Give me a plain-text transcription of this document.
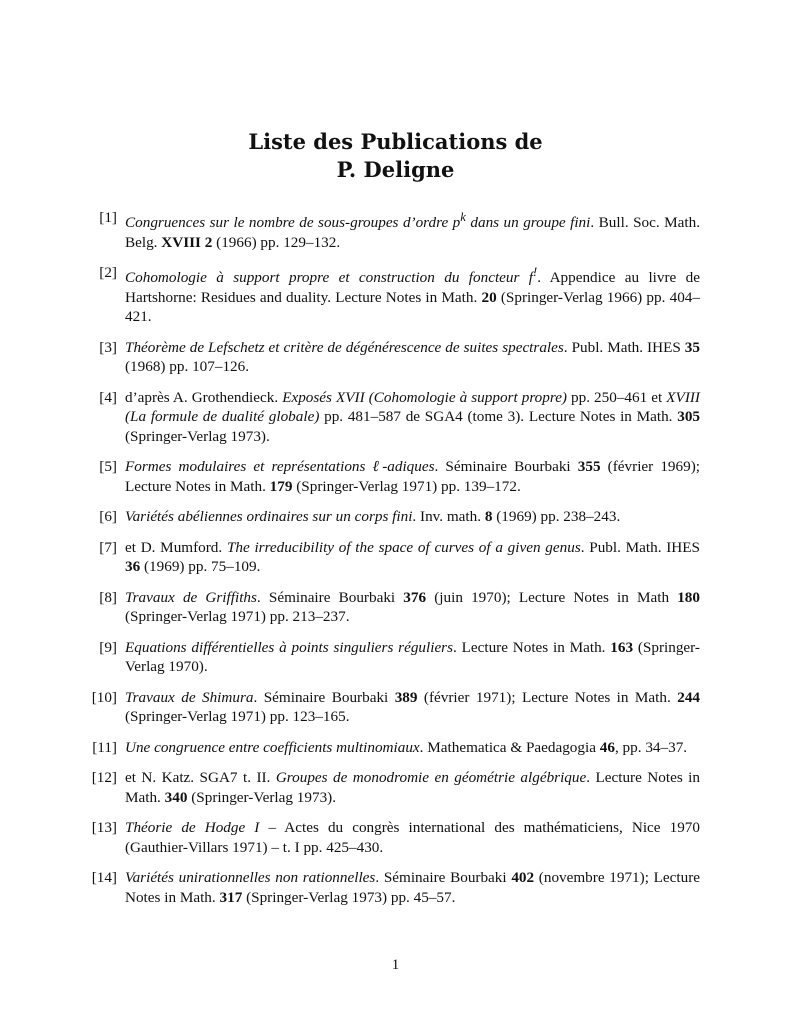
Liste des Publications de
P. Deligne
[1] Congruences sur le nombre de sous-groupes d’ordre $p^k$ dans un groupe fini. Bull. Soc. Math. Belg. XVIII 2 (1966) pp. 129–132.
[2] Cohomologie à support propre et construction du foncteur f!. Appendice au livre de Hartshorne: Residues and duality. Lecture Notes in Math. 20 (Springer-Verlag 1966) pp. 404–421.
[3] Théorème de Lefschetz et critère de dégénérescence de suites spectrales. Publ. Math. IHES 35 (1968) pp. 107–126.
[4] d’après A. Grothendieck. Exposés XVII (Cohomologie à support propre) pp. 250–461 et XVIII (La formule de dualité globale) pp. 481–587 de SGA4 (tome 3). Lecture Notes in Math. 305 (Springer-Verlag 1973).
[5] Formes modulaires et représentations ℓ-adiques. Séminaire Bourbaki 355 (février 1969); Lecture Notes in Math. 179 (Springer-Verlag 1971) pp. 139–172.
[6] Variétés abéliennes ordinaires sur un corps fini. Inv. math. 8 (1969) pp. 238–243.
[7] et D. Mumford. The irreducibility of the space of curves of a given genus. Publ. Math. IHES 36 (1969) pp. 75–109.
[8] Travaux de Griffiths. Séminaire Bourbaki 376 (juin 1970); Lecture Notes in Math 180 (Springer-Verlag 1971) pp. 213–237.
[9] Equations différentielles à points singuliers réguliers. Lecture Notes in Math. 163 (Springer-Verlag 1970).
[10] Travaux de Shimura. Séminaire Bourbaki 389 (février 1971); Lecture Notes in Math. 244 (Springer-Verlag 1971) pp. 123–165.
[11] Une congruence entre coefficients multinomiaux. Mathematica & Paedagogia 46, pp. 34–37.
[12] et N. Katz. SGA7 t. II. Groupes de monodromie en géométrie algébrique. Lecture Notes in Math. 340 (Springer-Verlag 1973).
[13] Théorie de Hodge I – Actes du congrès international des mathématiciens, Nice 1970 (Gauthier-Villars 1971) – t. I pp. 425–430.
[14] Variétés unirationnelles non rationnelles. Séminaire Bourbaki 402 (novembre 1971); Lecture Notes in Math. 317 (Springer-Verlag 1973) pp. 45–57.
1
